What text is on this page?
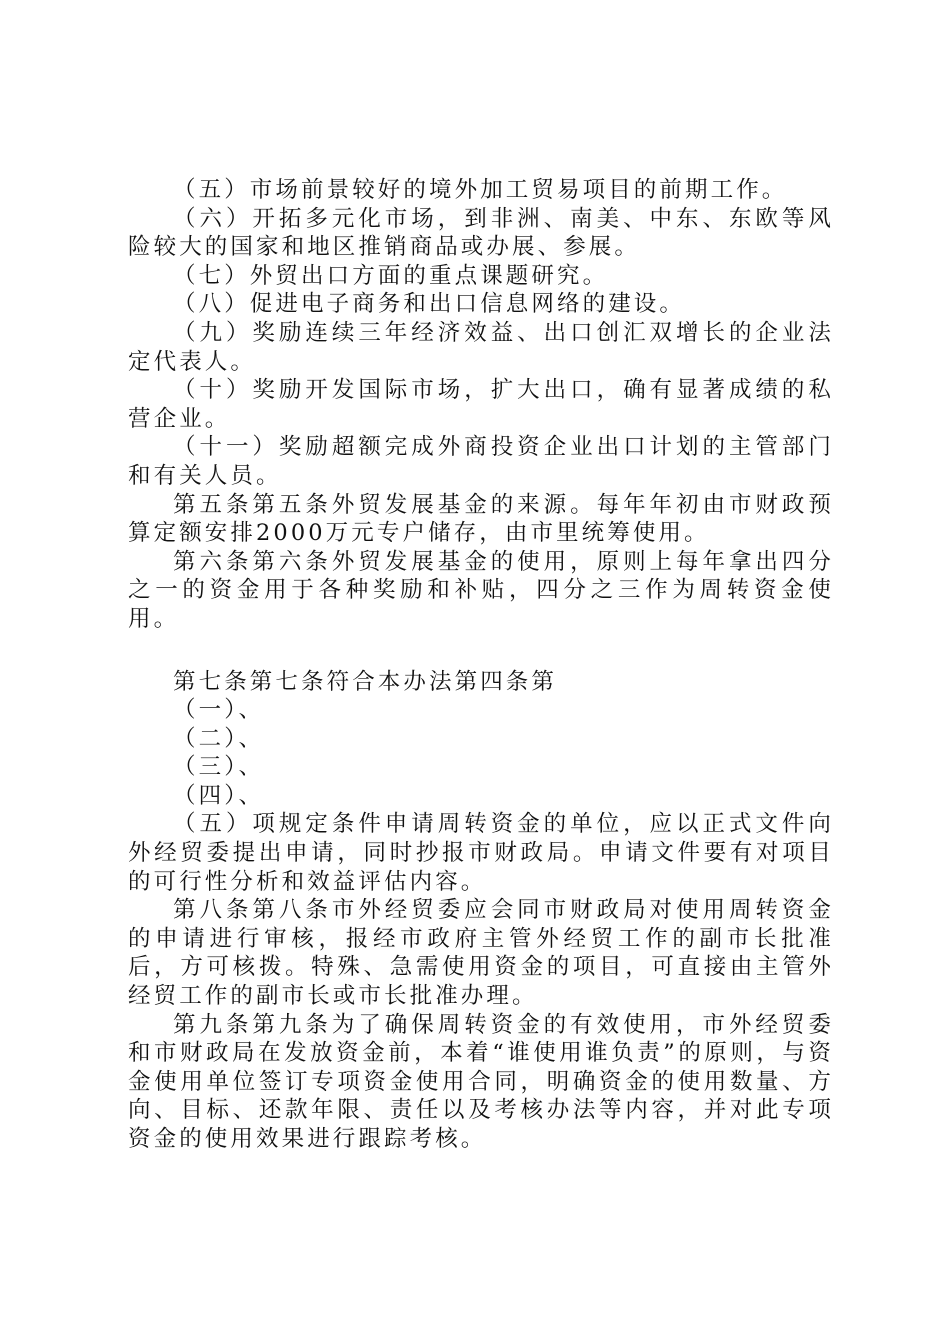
（五）市场前景较好的境外加工贸易项目的前期工作。

（六）开拓多元化市场，到非洲、南美、中东、东欧等风险较大的国家和地区推销商品或办展、参展。

（七）外贸出口方面的重点课题研究。

（八）促进电子商务和出口信息网络的建设。

（九）奖励连续三年经济效益、出口创汇双增长的企业法定代表人。

（十）奖励开发国际市场，扩大出口，确有显著成绩的私营企业。

（十一）奖励超额完成外商投资企业出口计划的主管部门和有关人员。

第五条第五条外贸发展基金的来源。每年年初由市财政预算定额安排2000万元专户储存，由市里统筹使用。

第六条第六条外贸发展基金的使用，原则上每年拿出四分之一的资金用于各种奖励和补贴，四分之三作为周转资金使用。

第七条第七条符合本办法第四条第

（一）、

（二）、

（三）、

（四）、

（五）项规定条件申请周转资金的单位，应以正式文件向外经贸委提出申请，同时抄报市财政局。申请文件要有对项目的可行性分析和效益评估内容。

第八条第八条市外经贸委应会同市财政局对使用周转资金的申请进行审核，报经市政府主管外经贸工作的副市长批准后，方可核拨。特殊、急需使用资金的项目，可直接由主管外经贸工作的副市长或市长批准办理。

第九条第九条为了确保周转资金的有效使用，市外经贸委和市财政局在发放资金前，本着“谁使用谁负责”的原则，与资金使用单位签订专项资金使用合同，明确资金的使用数量、方向、目标、还款年限、责任以及考核办法等内容，并对此专项资金的使用效果进行跟踪考核。
